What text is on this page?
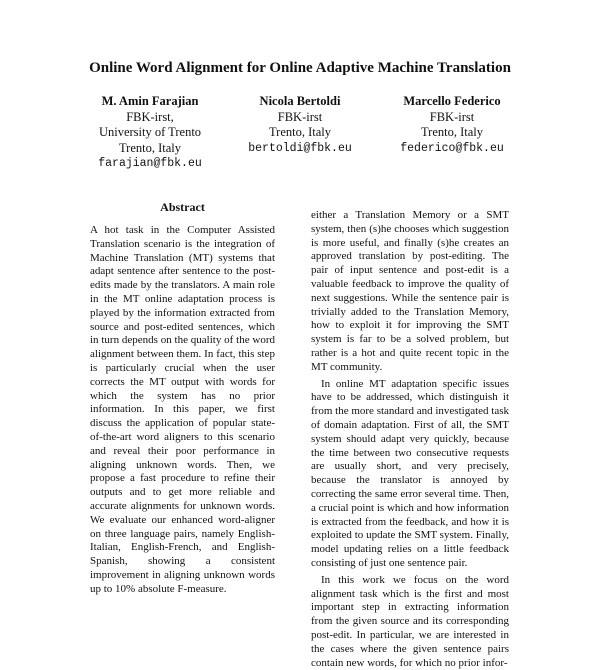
Online Word Alignment for Online Adaptive Machine Translation
M. Amin Farajian
FBK-irst,
University of Trento
Trento, Italy
farajian@fbk.eu
Nicola Bertoldi
FBK-irst
Trento, Italy
bertoldi@fbk.eu
Marcello Federico
FBK-irst
Trento, Italy
federico@fbk.eu
Abstract

A hot task in the Computer Assisted Translation scenario is the integration of Machine Translation (MT) systems that adapt sentence after sentence to the post-edits made by the translators. A main role in the MT online adaptation process is played by the information extracted from source and post-edited sentences, which in turn depends on the quality of the word alignment between them. In fact, this step is particularly crucial when the user corrects the MT output with words for which the system has no prior information. In this paper, we first discuss the application of popular state-of-the-art word aligners to this scenario and reveal their poor performance in aligning unknown words. Then, we propose a fast procedure to refine their outputs and to get more reliable and accurate alignments for unknown words. We evaluate our enhanced word-aligner on three language pairs, namely English-Italian, English-French, and English-Spanish, showing a consistent improvement in aligning unknown words up to 10% absolute F-measure.

either a Translation Memory or a SMT system, then (s)he chooses which suggestion is more useful, and finally (s)he creates an approved translation by post-editing. The pair of input sentence and post-edit is a valuable feedback to improve the quality of next suggestions. While the sentence pair is trivially added to the Translation Memory, how to exploit it for improving the SMT system is far to be a solved problem, but rather is a hot and quite recent topic in the MT community.

In online MT adaptation specific issues have to be addressed, which distinguish it from the more standard and investigated task of domain adaptation. First of all, the SMT system should adapt very quickly, because the time between two consecutive requests are usually short, and very precisely, because the translator is annoyed by correcting the same error several time. Then, a crucial point is which and how information is extracted from the feedback, and how it is exploited to update the SMT system. Finally, model updating relies on a little feedback consisting of just one sentence pair.

In this work we focus on the word alignment task which is the first and most important step in extracting information from the given source and its corresponding post-edit. In particular, we are interested in the cases where the given sentence pairs contain new words, for which no prior infor-
